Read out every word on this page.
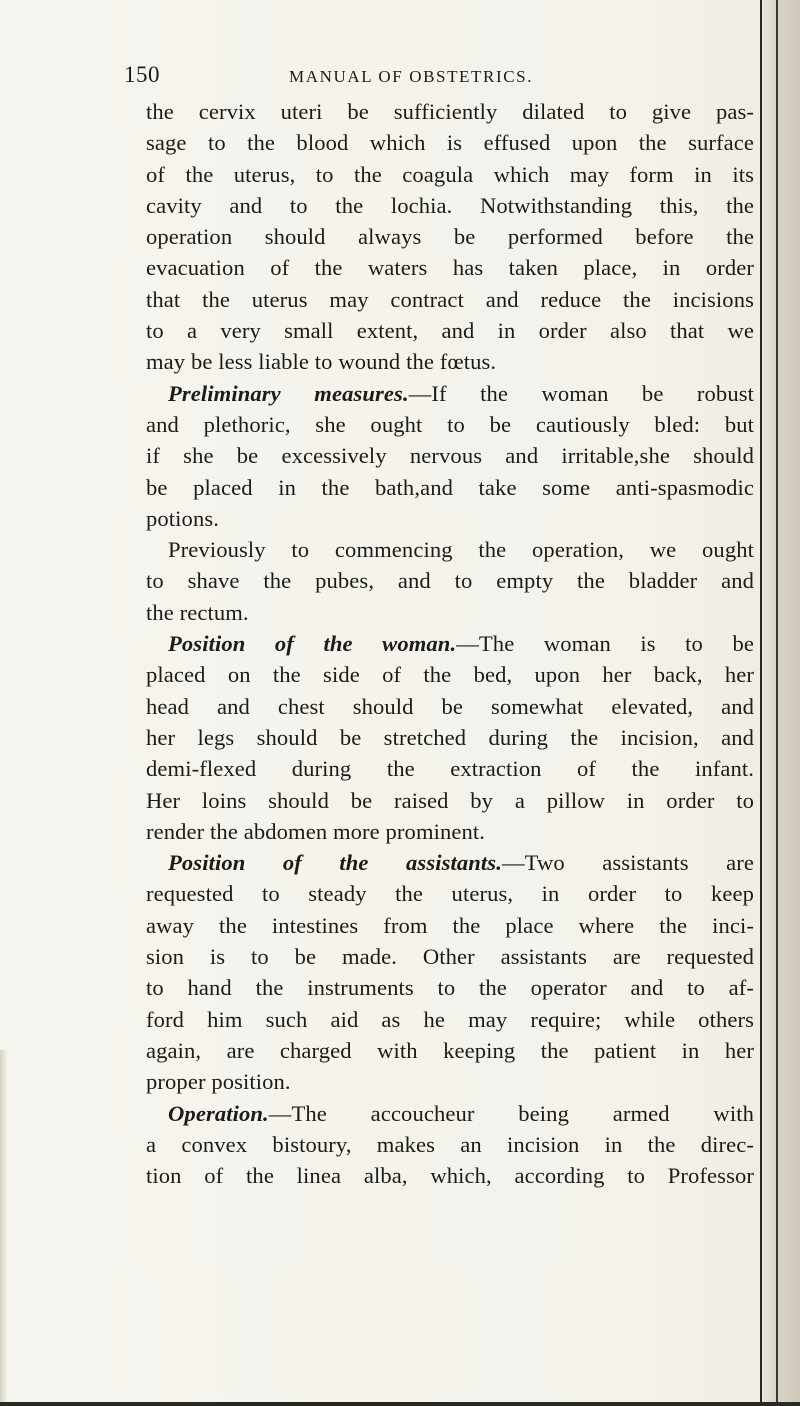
150	MANUAL OF OBSTETRICS.
the cervix uteri be sufficiently dilated to give pas-
sage to the blood which is effused upon the surface
of the uterus, to the coagula which may form in its
cavity and to the lochia. Notwithstanding this, the
operation should always be performed before the
evacuation of the waters has taken place, in order
that the uterus may contract and reduce the incisions
to a very small extent, and in order also that we
may be less liable to wound the fœtus.
Preliminary measures.—If the woman be robust
and plethoric, she ought to be cautiously bled: but
if she be excessively nervous and irritable,she should
be placed in the bath,and take some anti-spasmodic
potions.
Previously to commencing the operation, we ought
to shave the pubes, and to empty the bladder and
the rectum.
Position of the woman.—The woman is to be
placed on the side of the bed, upon her back, her
head and chest should be somewhat elevated, and
her legs should be stretched during the incision, and
demi-flexed during the extraction of the infant.
Her loins should be raised by a pillow in order to
render the abdomen more prominent.
Position of the assistants.—Two assistants are
requested to steady the uterus, in order to keep
away the intestines from the place where the inci-
sion is to be made. Other assistants are requested
to hand the instruments to the operator and to af-
ford him such aid as he may require; while others
again, are charged with keeping the patient in her
proper position.
Operation.—The accoucheur being armed with
a convex bistoury, makes an incision in the direc-
tion of the linea alba, which, according to Professor
